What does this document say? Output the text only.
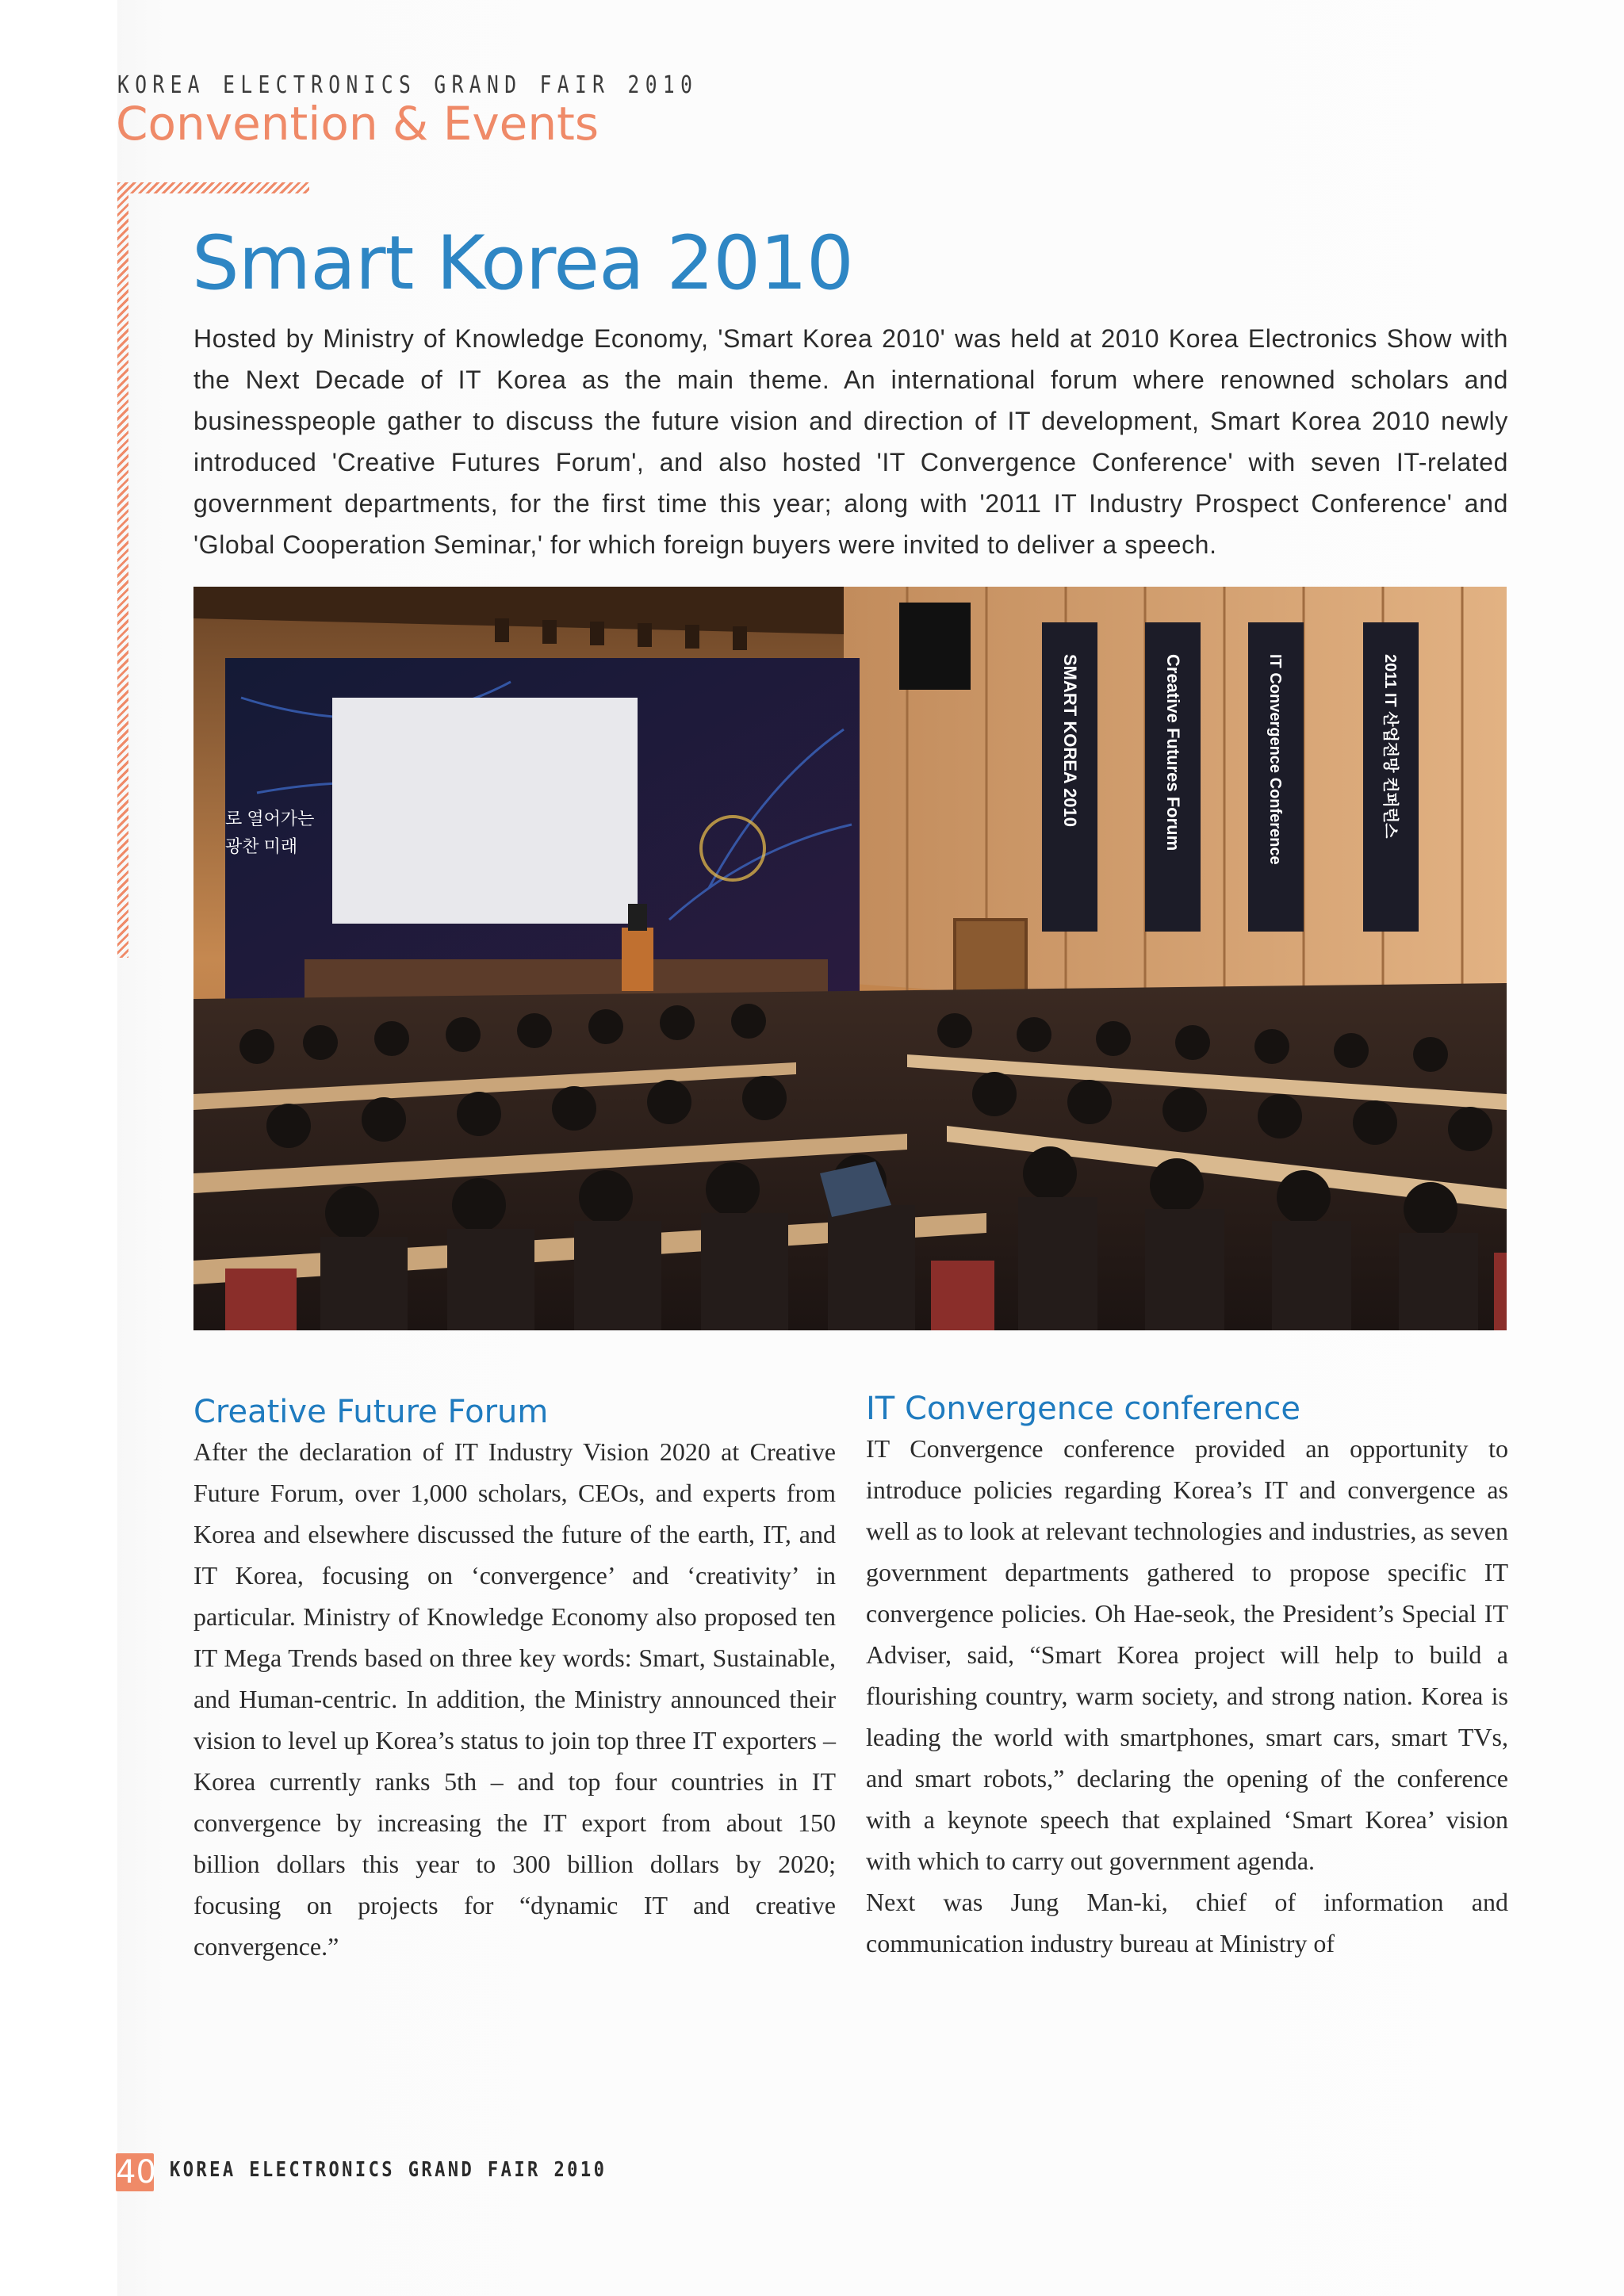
KOREA ELECTRONICS GRAND FAIR 2010
Convention & Events
Smart Korea 2010
Hosted by Ministry of Knowledge Economy, 'Smart Korea 2010' was held at 2010 Korea Electronics Show with the Next Decade of IT Korea as the main theme. An international forum where renowned scholars and businesspeople gather to discuss the future vision and direction of IT development, Smart Korea 2010 newly introduced 'Creative Futures Forum', and also hosted 'IT Convergence Conference' with seven IT-related government departments, for the first time this year; along with '2011 IT Industry Prospect Conference' and 'Global Cooperation Seminar,' for which foreign buyers were invited to deliver a speech.
로 열어가는
광찬 미래
SMART KOREA 2010	Creative Futures Forum	IT Convergence Conference	2011 IT 산업전망 컨퍼런스
Creative Future Forum
After the declaration of IT Industry Vision 2020 at Creative Future Forum, over 1,000 scholars, CEOs, and experts from Korea and elsewhere discussed the future of the earth, IT, and IT Korea, focusing on ‘convergence’ and ‘creativity’ in particular. Ministry of Knowledge Economy also proposed ten IT Mega Trends based on three key words: Smart, Sustainable, and Human-centric. In addition, the Ministry announced their vision to level up Korea’s status to join top three IT exporters – Korea currently ranks 5th – and top four countries in IT convergence by increasing the IT export from about 150 billion dollars this year to 300 billion dollars by 2020; focusing on projects for “dynamic IT and creative convergence.”
IT Convergence conference
IT Convergence conference provided an opportunity to introduce policies regarding Korea’s IT and convergence as well as to look at relevant technologies and industries, as seven government departments gathered to propose specific IT convergence policies. Oh Hae-seok, the President’s Special IT Adviser, said, “Smart Korea project will help to build a flourishing country, warm society, and strong nation. Korea is leading the world with smartphones, smart cars, smart TVs, and smart robots,” declaring the opening of the conference with a keynote speech that explained ‘Smart Korea’ vision with which to carry out government agenda.
Next was Jung Man-ki, chief of information and communication industry bureau at Ministry of
40 KOREA ELECTRONICS GRAND FAIR 2010
